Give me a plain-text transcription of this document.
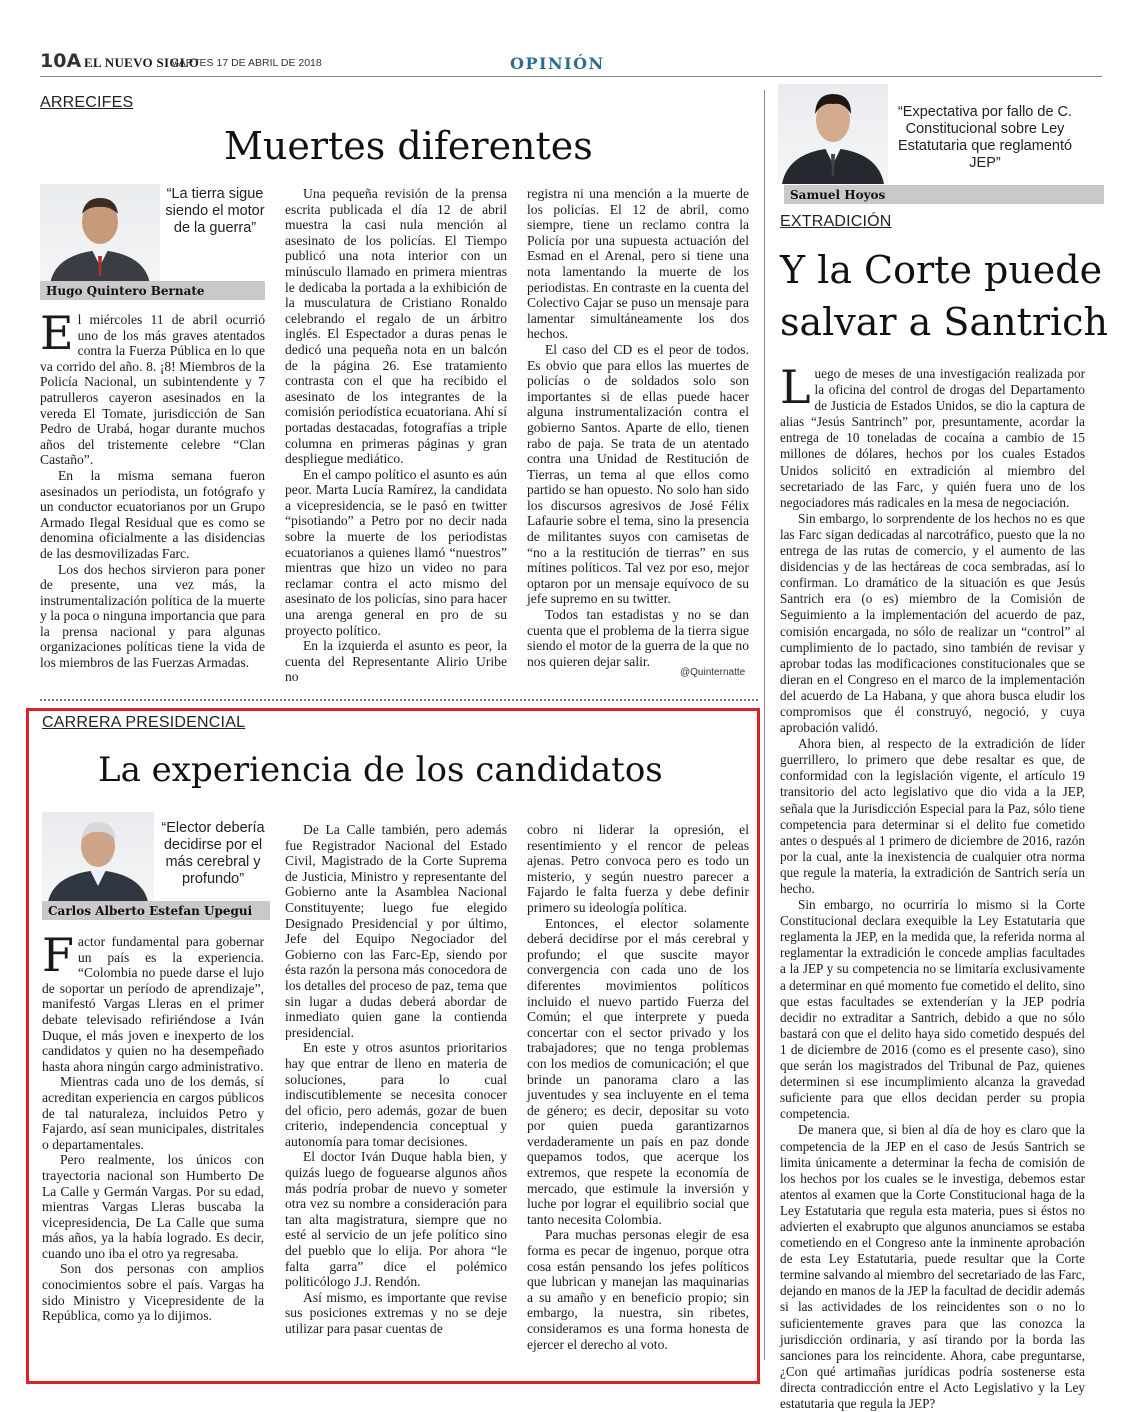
10A EL NUEVO SIGLO
MARTES 17 DE ABRIL DE 2018	OPINIÓN
ARRECIFES
Muertes diferentes
“La tierra sigue siendo el motor de la guerra”
Hugo Quintero Bernate

El miércoles 11 de abril ocurrió uno de los más graves atentados contra la Fuerza Pública en lo que va corrido del año. 8. ¡8! Miembros de la Policía Nacional, un subintendente y 7 patrulleros cayeron asesinados en la vereda El Tomate, jurisdicción de San Pedro de Urabá, hogar durante muchos años del tristemente celebre “Clan Castaño”.

En la misma semana fueron asesinados un periodista, un fotógrafo y un conductor ecuatorianos por un Grupo Armado Ilegal Residual que es como se denomina oficialmente a las disidencias de las desmovilizadas Farc.

Los dos hechos sirvieron para poner de presente, una vez más, la instrumentalización política de la muerte y la poca o ninguna importancia que para la prensa nacional y para algunas organizaciones políticas tiene la vida de los miembros de las Fuerzas Armadas.

Una pequeña revisión de la prensa escrita publicada el día 12 de abril muestra la casi nula mención al asesinato de los policías. El Tiempo publicó una nota interior con un minúsculo llamado en primera mientras le dedicaba la portada a la exhibición de la musculatura de Cristiano Ronaldo celebrando el regalo de un árbitro inglés. El Espectador a duras penas le dedicó una pequeña nota en un balcón de la página 26. Ese tratamiento contrasta con el que ha recibido el asesinato de los integrantes de la comisión periodística ecuatoriana. Ahí sí portadas destacadas, fotografías a triple columna en primeras páginas y gran despliegue mediático.

En el campo político el asunto es aún peor. Marta Lucía Ramírez, la candidata a vicepresidencia, se le pasó en twitter “pisotiando” a Petro por no decir nada sobre la muerte de los periodistas ecuatorianos a quienes llamó “nuestros” mientras que hizo un video no para reclamar contra el acto mismo del asesinato de los policías, sino para hacer una arenga general en pro de su proyecto político.

En la izquierda el asunto es peor, la cuenta del Representante Alirio Uribe no

registra ni una mención a la muerte de los policías. El 12 de abril, como siempre, tiene un reclamo contra la Policía por una supuesta actuación del Esmad en el Arenal, pero si tiene una nota lamentando la muerte de los periodistas. En contraste en la cuenta del Colectivo Cajar se puso un mensaje para lamentar simultáneamente los dos hechos.

El caso del CD es el peor de todos. Es obvio que para ellos las muertes de policías o de soldados solo son importantes si de ellas puede hacer alguna instrumentalización contra el gobierno Santos. Aparte de ello, tienen rabo de paja. Se trata de un atentado contra una Unidad de Restitución de Tierras, un tema al que ellos como partido se han opuesto. No solo han sido los discursos agresivos de José Félix Lafaurie sobre el tema, sino la presencia de militantes suyos con camisetas de “no a la restitución de tierras” en sus mítines políticos. Tal vez por eso, mejor optaron por un mensaje equívoco de su jefe supremo en su twitter.

Todos tan estadistas y no se dan cuenta que el problema de la tierra sigue siendo el motor de la guerra de la que no nos quieren dejar salir.

@Quinternatte
CARRERA PRESIDENCIAL
La experiencia de los candidatos
“Elector debería decidirse por el más cerebral y profundo”
Carlos Alberto Estefan Upegui

Factor fundamental para gobernar un país es la experiencia. “Colombia no puede darse el lujo de soportar un período de aprendizaje”, manifestó Vargas Lleras en el primer debate televisado refiriéndose a Iván Duque, el más joven e inexperto de los candidatos y quien no ha desempeñado hasta ahora ningún cargo administrativo.

Mientras cada uno de los demás, sí acreditan experiencia en cargos públicos de tal naturaleza, incluidos Petro y Fajardo, así sean municipales, distritales o departamentales.

Pero realmente, los únicos con trayectoria nacional son Humberto De La Calle y Germán Vargas. Por su edad, mientras Vargas Lleras buscaba la vicepresidencia, De La Calle que suma más años, ya la había logrado. Es decir, cuando uno iba el otro ya regresaba.

Son dos personas con amplios conocimientos sobre el país. Vargas ha sido Ministro y Vicepresidente de la República, como ya lo dijimos.

De La Calle también, pero además fue Registrador Nacional del Estado Civil, Magistrado de la Corte Suprema de Justicia, Ministro y representante del Gobierno ante la Asamblea Nacional Constituyente; luego fue elegido Designado Presidencial y por último, Jefe del Equipo Negociador del Gobierno con las Farc-Ep, siendo por ésta razón la persona más conocedora de los detalles del proceso de paz, tema que sin lugar a dudas deberá abordar de inmediato quien gane la contienda presidencial.

En este y otros asuntos prioritarios hay que entrar de lleno en materia de soluciones, para lo cual indiscutiblemente se necesita conocer del oficio, pero además, gozar de buen criterio, independencia conceptual y autonomía para tomar decisiones.

El doctor Iván Duque habla bien, y quizás luego de foguearse algunos años más podría probar de nuevo y someter otra vez su nombre a consideración para tan alta magistratura, siempre que no esté al servicio de un jefe político sino del pueblo que lo elija. Por ahora “le falta garra” dice el polémico politicólogo J.J. Rendón.

Así mismo, es importante que revise sus posiciones extremas y no se deje utilizar para pasar cuentas de

cobro ni liderar la opresión, el resentimiento y el rencor de peleas ajenas. Petro convoca pero es todo un misterio, y según nuestro parecer a Fajardo le falta fuerza y debe definir primero su ideología política.

Entonces, el elector solamente deberá decidirse por el más cerebral y profundo; el que suscite mayor convergencia con cada uno de los diferentes movimientos políticos incluido el nuevo partido Fuerza del Común; el que interprete y pueda concertar con el sector privado y los trabajadores; que no tenga problemas con los medios de comunicación; el que brinde un panorama claro a las juventudes y sea incluyente en el tema de género; es decir, depositar su voto por quien pueda garantizarnos verdaderamente un país en paz donde quepamos todos, que acerque los extremos, que respete la economía de mercado, que estimule la inversión y luche por lograr el equilibrio social que tanto necesita Colombia.

Para muchas personas elegir de esa forma es pecar de ingenuo, porque otra cosa están pensando los jefes políticos que lubrican y manejan las maquinarias a su amaño y en beneficio propio; sin embargo, la nuestra, sin ribetes, consideramos es una forma honesta de ejercer el derecho al voto.

“Expectativa por fallo de C. Constitucional sobre Ley Estatutaria que reglamentó JEP”
Samuel Hoyos
EXTRADICIÓN
Y la Corte puede
salvar a Santrich

Luego de meses de una investigación realizada por la oficina del control de drogas del Departamento de Justicia de Estados Unidos, se dio la captura de alias “Jesús Santrinch” por, presuntamente, acordar la entrega de 10 toneladas de cocaína a cambio de 15 millones de dólares, hechos por los cuales Estados Unidos solicitó en extradición al miembro del secretariado de las Farc, y quién fuera uno de los negociadores más radicales en la mesa de negociación.

Sin embargo, lo sorprendente de los hechos no es que las Farc sigan dedicadas al narcotráfico, puesto que la no entrega de las rutas de comercio, y el aumento de las disidencias y de las hectáreas de coca sembradas, así lo confirman. Lo dramático de la situación es que Jesús Santrich era (o es) miembro de la Comisión de Seguimiento a la implementación del acuerdo de paz, comisión encargada, no sólo de realizar un “control” al cumplimiento de lo pactado, sino también de revisar y aprobar todas las modificaciones constitucionales que se dieran en el Congreso en el marco de la implementación del acuerdo de La Habana, y que ahora busca eludir los compromisos que él construyó, negoció, y cuya aprobación validó.

Ahora bien, al respecto de la extradición de líder guerrillero, lo primero que debe resaltar es que, de conformidad con la legislación vigente, el artículo 19 transitorio del acto legislativo que dio vida a la JEP, señala que la Jurisdicción Especial para la Paz, sólo tiene competencia para determinar si el delito fue cometido antes o después al 1 primero de diciembre de 2016, razón por la cual, ante la inexistencia de cualquier otra norma que regule la materia, la extradición de Santrich sería un hecho.

Sin embargo, no ocurriría lo mismo si la Corte Constitucional declara exequible la Ley Estatutaria que reglamenta la JEP, en la medida que, la referida norma al reglamentar la extradición le concede amplias facultades a la JEP y su competencia no se limitaría exclusivamente a determinar en qué momento fue cometido el delito, sino que estas facultades se extenderían y la JEP podría decidir no extraditar a Santrich, debido a que no sólo bastará con que el delito haya sido cometido después del 1 de diciembre de 2016 (como es el presente caso), sino que serán los magistrados del Tribunal de Paz, quienes determinen si ese incumplimiento alcanza la gravedad suficiente para que ellos decidan perder su propia competencia.

De manera que, si bien al día de hoy es claro que la competencia de la JEP en el caso de Jesús Santrich se limita únicamente a determinar la fecha de comisión de los hechos por los cuales se le investiga, debemos estar atentos al examen que la Corte Constitucional haga de la Ley Estatutaria que regula esta materia, pues si éstos no advierten el exabrupto que algunos anunciamos se estaba cometiendo en el Congreso ante la inminente aprobación de esta Ley Estatutaria, puede resultar que la Corte termine salvando al miembro del secretariado de las Farc, dejando en manos de la JEP la facultad de decidir además si las actividades de los reincidentes son o no lo suficientemente graves para que las conozca la jurisdicción ordinaria, y así tirando por la borda las sanciones para los reincidente. Ahora, cabe preguntarse, ¿Con qué artimañas jurídicas podría sostenerse esta directa contradicción entre el Acto Legislativo y la Ley estatutaria que regula la JEP?
